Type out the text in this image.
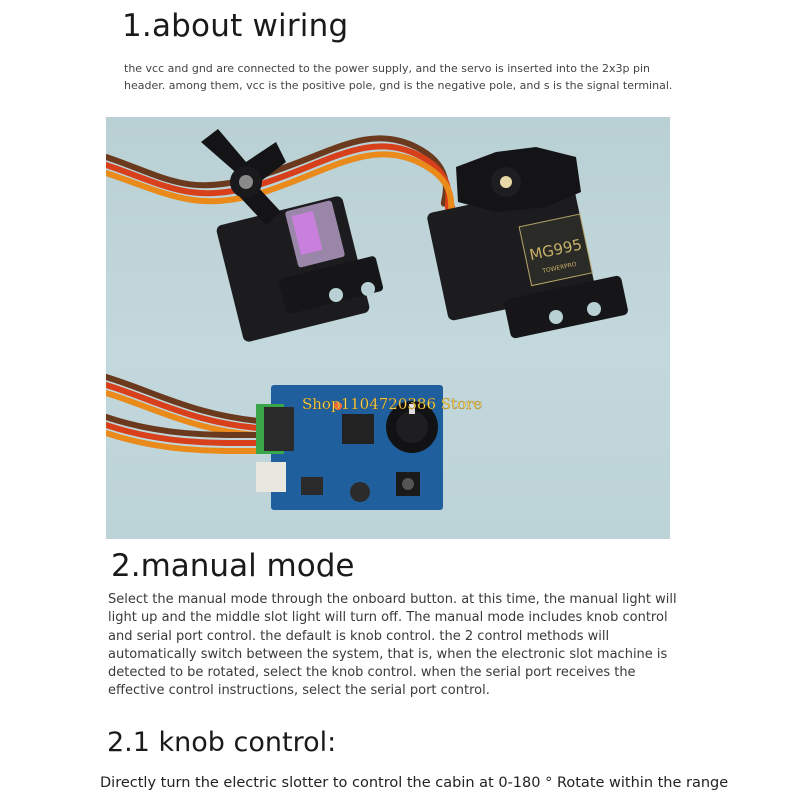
1.about wiring

the vcc and gnd are connected to the power supply, and the servo is inserted into the 2x3p pin header. among them, vcc is the positive pole, gnd is the negative pole, and s is the signal terminal.

MG995
TOWERPRO
Shop1104720386 Store
2.manual mode

Select the manual mode through the onboard button. at this time, the manual light will light up and the middle slot light will turn off. The manual mode includes knob control and serial port control. the default is knob control. the 2 control methods will automatically switch between the system, that is, when the electronic slot machine is detected to be rotated, select the knob control. when the serial port receives the effective control instructions, select the serial port control.

2.1 knob control:

Directly turn the electric slotter to control the cabin at 0-180 ° Rotate within the range
